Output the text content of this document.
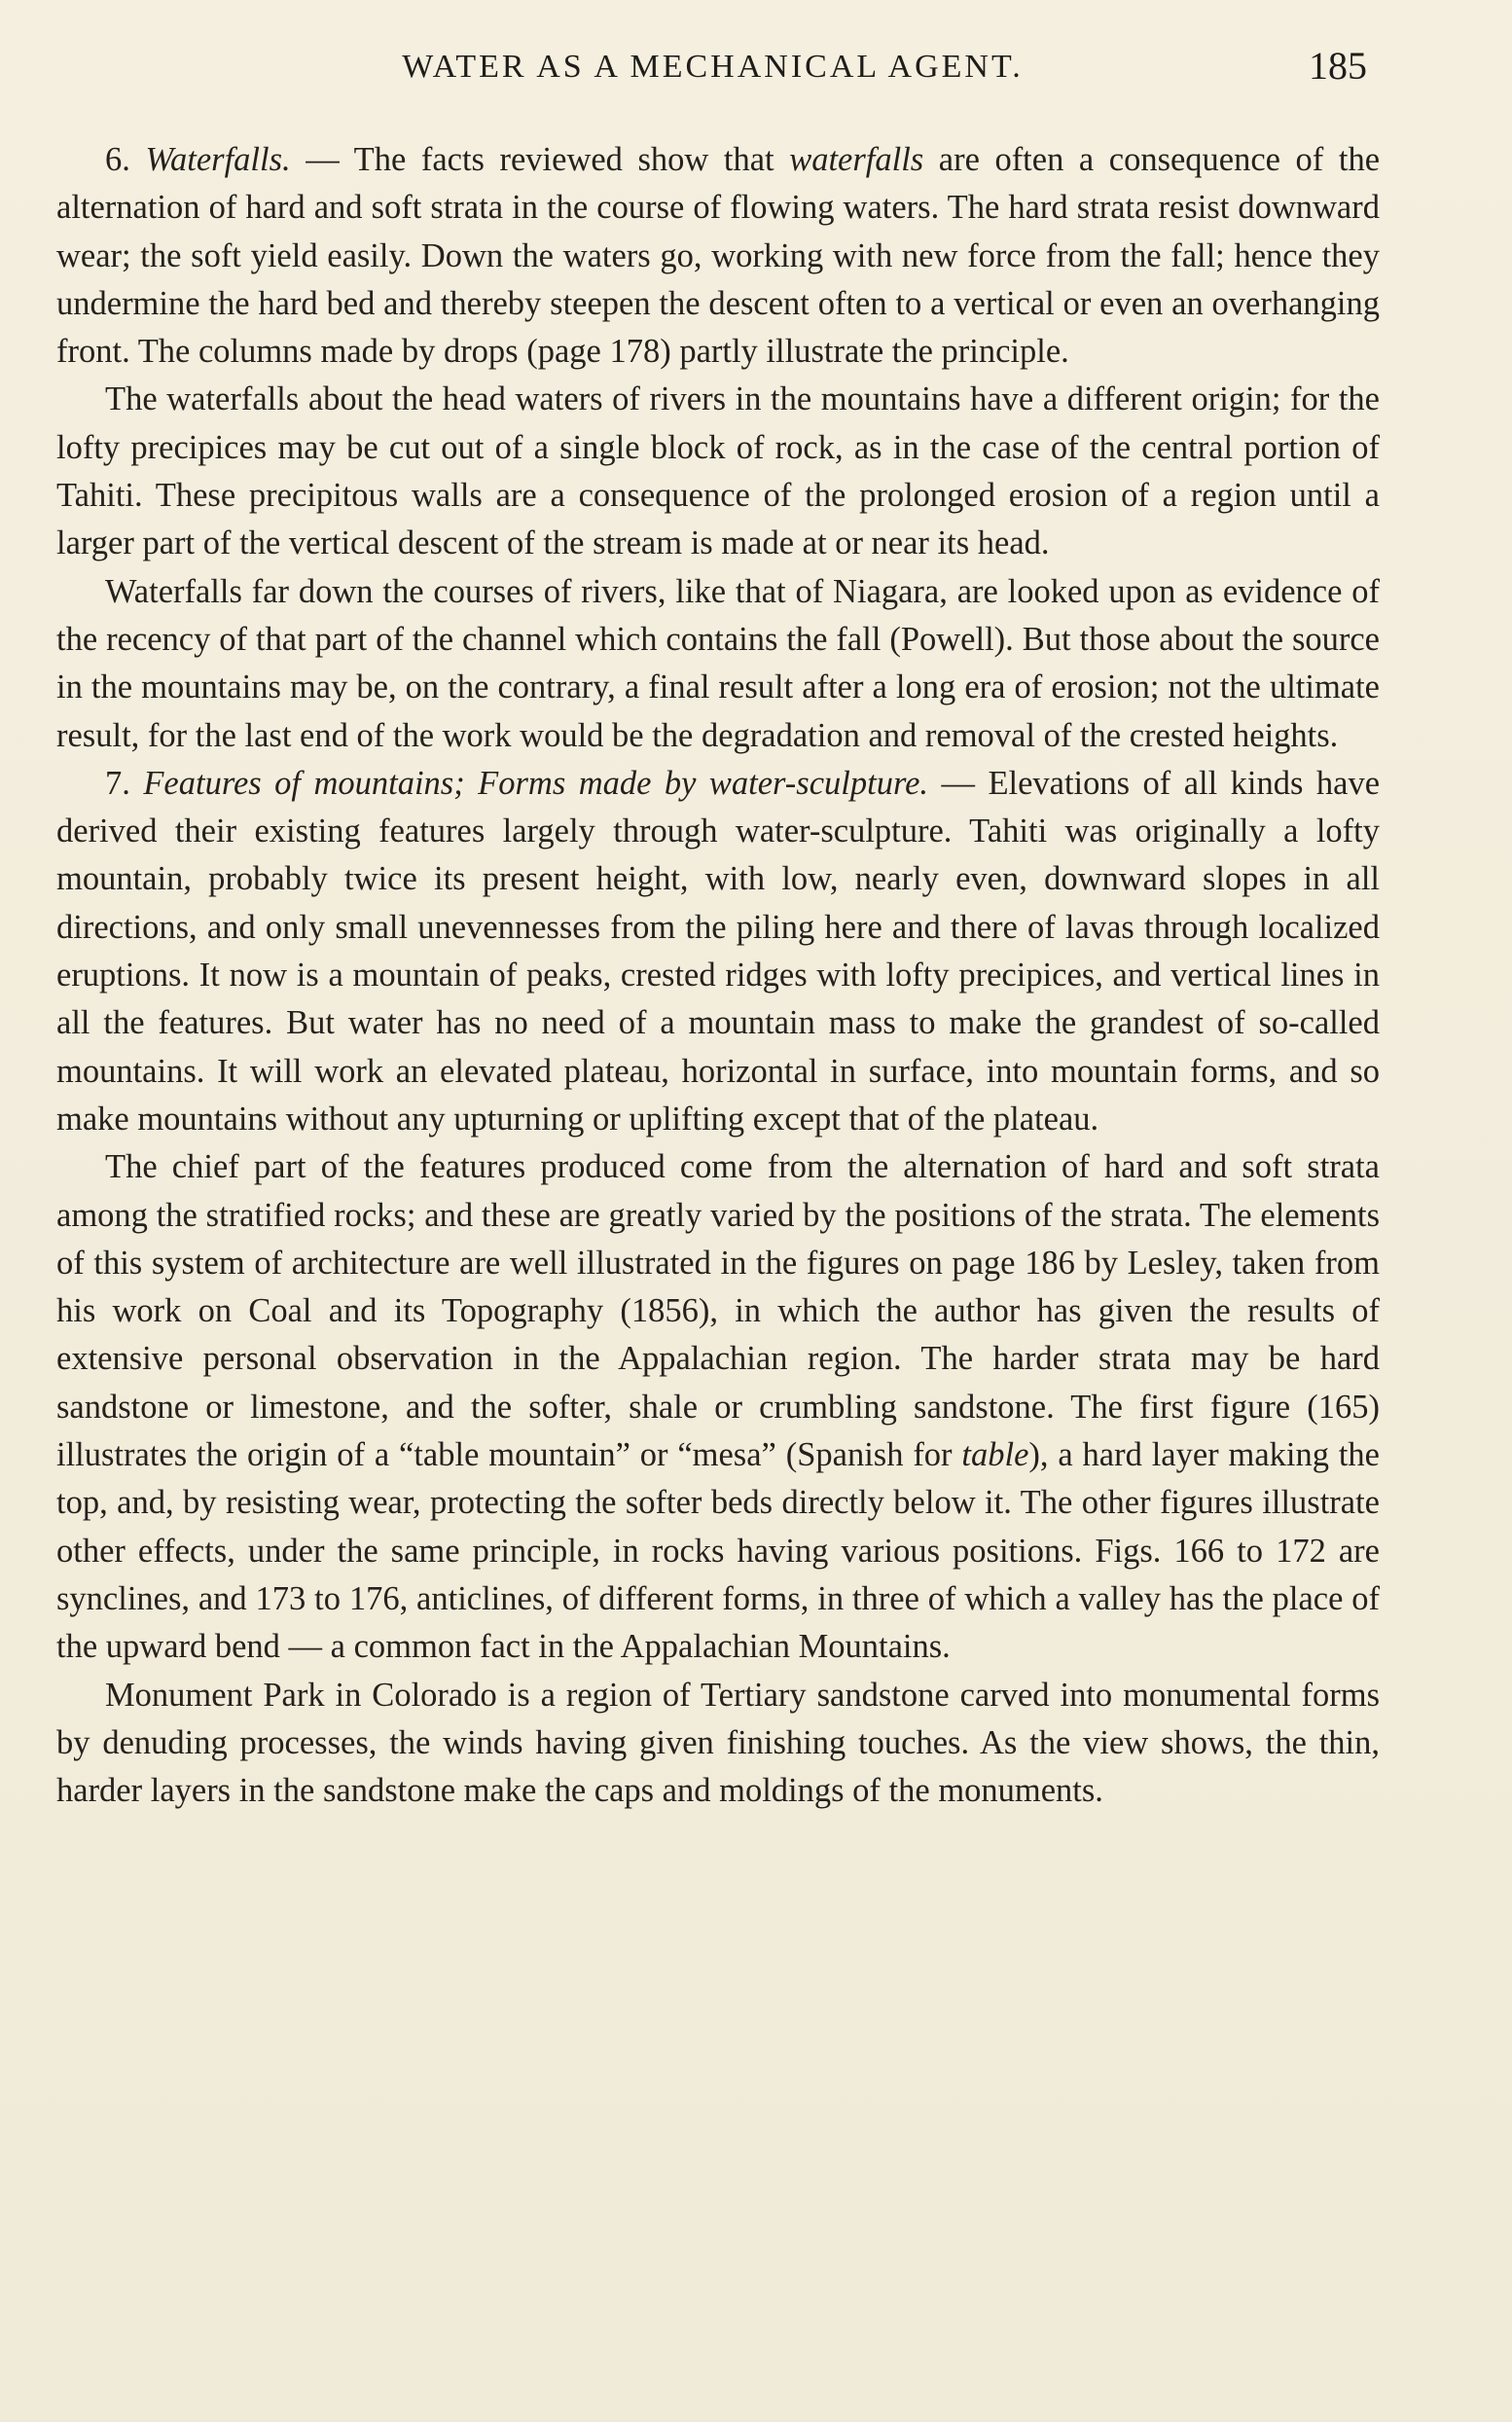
WATER AS A MECHANICAL AGENT.	185

6. Waterfalls. — The facts reviewed show that waterfalls are often a consequence of the alternation of hard and soft strata in the course of flowing waters. The hard strata resist downward wear; the soft yield easily. Down the waters go, working with new force from the fall; hence they undermine the hard bed and thereby steepen the descent often to a vertical or even an overhanging front. The columns made by drops (page 178) partly illustrate the principle.

The waterfalls about the head waters of rivers in the mountains have a different origin; for the lofty precipices may be cut out of a single block of rock, as in the case of the central portion of Tahiti. These precipitous walls are a consequence of the prolonged erosion of a region until a larger part of the vertical descent of the stream is made at or near its head.

Waterfalls far down the courses of rivers, like that of Niagara, are looked upon as evidence of the recency of that part of the channel which contains the fall (Powell). But those about the source in the mountains may be, on the contrary, a final result after a long era of erosion; not the ultimate result, for the last end of the work would be the degradation and removal of the crested heights.

7. Features of mountains; Forms made by water-sculpture. — Elevations of all kinds have derived their existing features largely through water-sculpture. Tahiti was originally a lofty mountain, probably twice its present height, with low, nearly even, downward slopes in all directions, and only small unevennesses from the piling here and there of lavas through localized eruptions. It now is a mountain of peaks, crested ridges with lofty precipices, and vertical lines in all the features. But water has no need of a mountain mass to make the grandest of so-called mountains. It will work an elevated plateau, horizontal in surface, into mountain forms, and so make mountains without any upturning or uplifting except that of the plateau.

The chief part of the features produced come from the alternation of hard and soft strata among the stratified rocks; and these are greatly varied by the positions of the strata. The elements of this system of architecture are well illustrated in the figures on page 186 by Lesley, taken from his work on Coal and its Topography (1856), in which the author has given the results of extensive personal observation in the Appalachian region. The harder strata may be hard sandstone or limestone, and the softer, shale or crumbling sandstone. The first figure (165) illustrates the origin of a “table mountain” or “mesa” (Spanish for table), a hard layer making the top, and, by resisting wear, protecting the softer beds directly below it. The other figures illustrate other effects, under the same principle, in rocks having various positions. Figs. 166 to 172 are synclines, and 173 to 176, anticlines, of different forms, in three of which a valley has the place of the upward bend — a common fact in the Appalachian Mountains.

Monument Park in Colorado is a region of Tertiary sandstone carved into monumental forms by denuding processes, the winds having given finishing touches. As the view shows, the thin, harder layers in the sandstone make the caps and moldings of the monuments.
